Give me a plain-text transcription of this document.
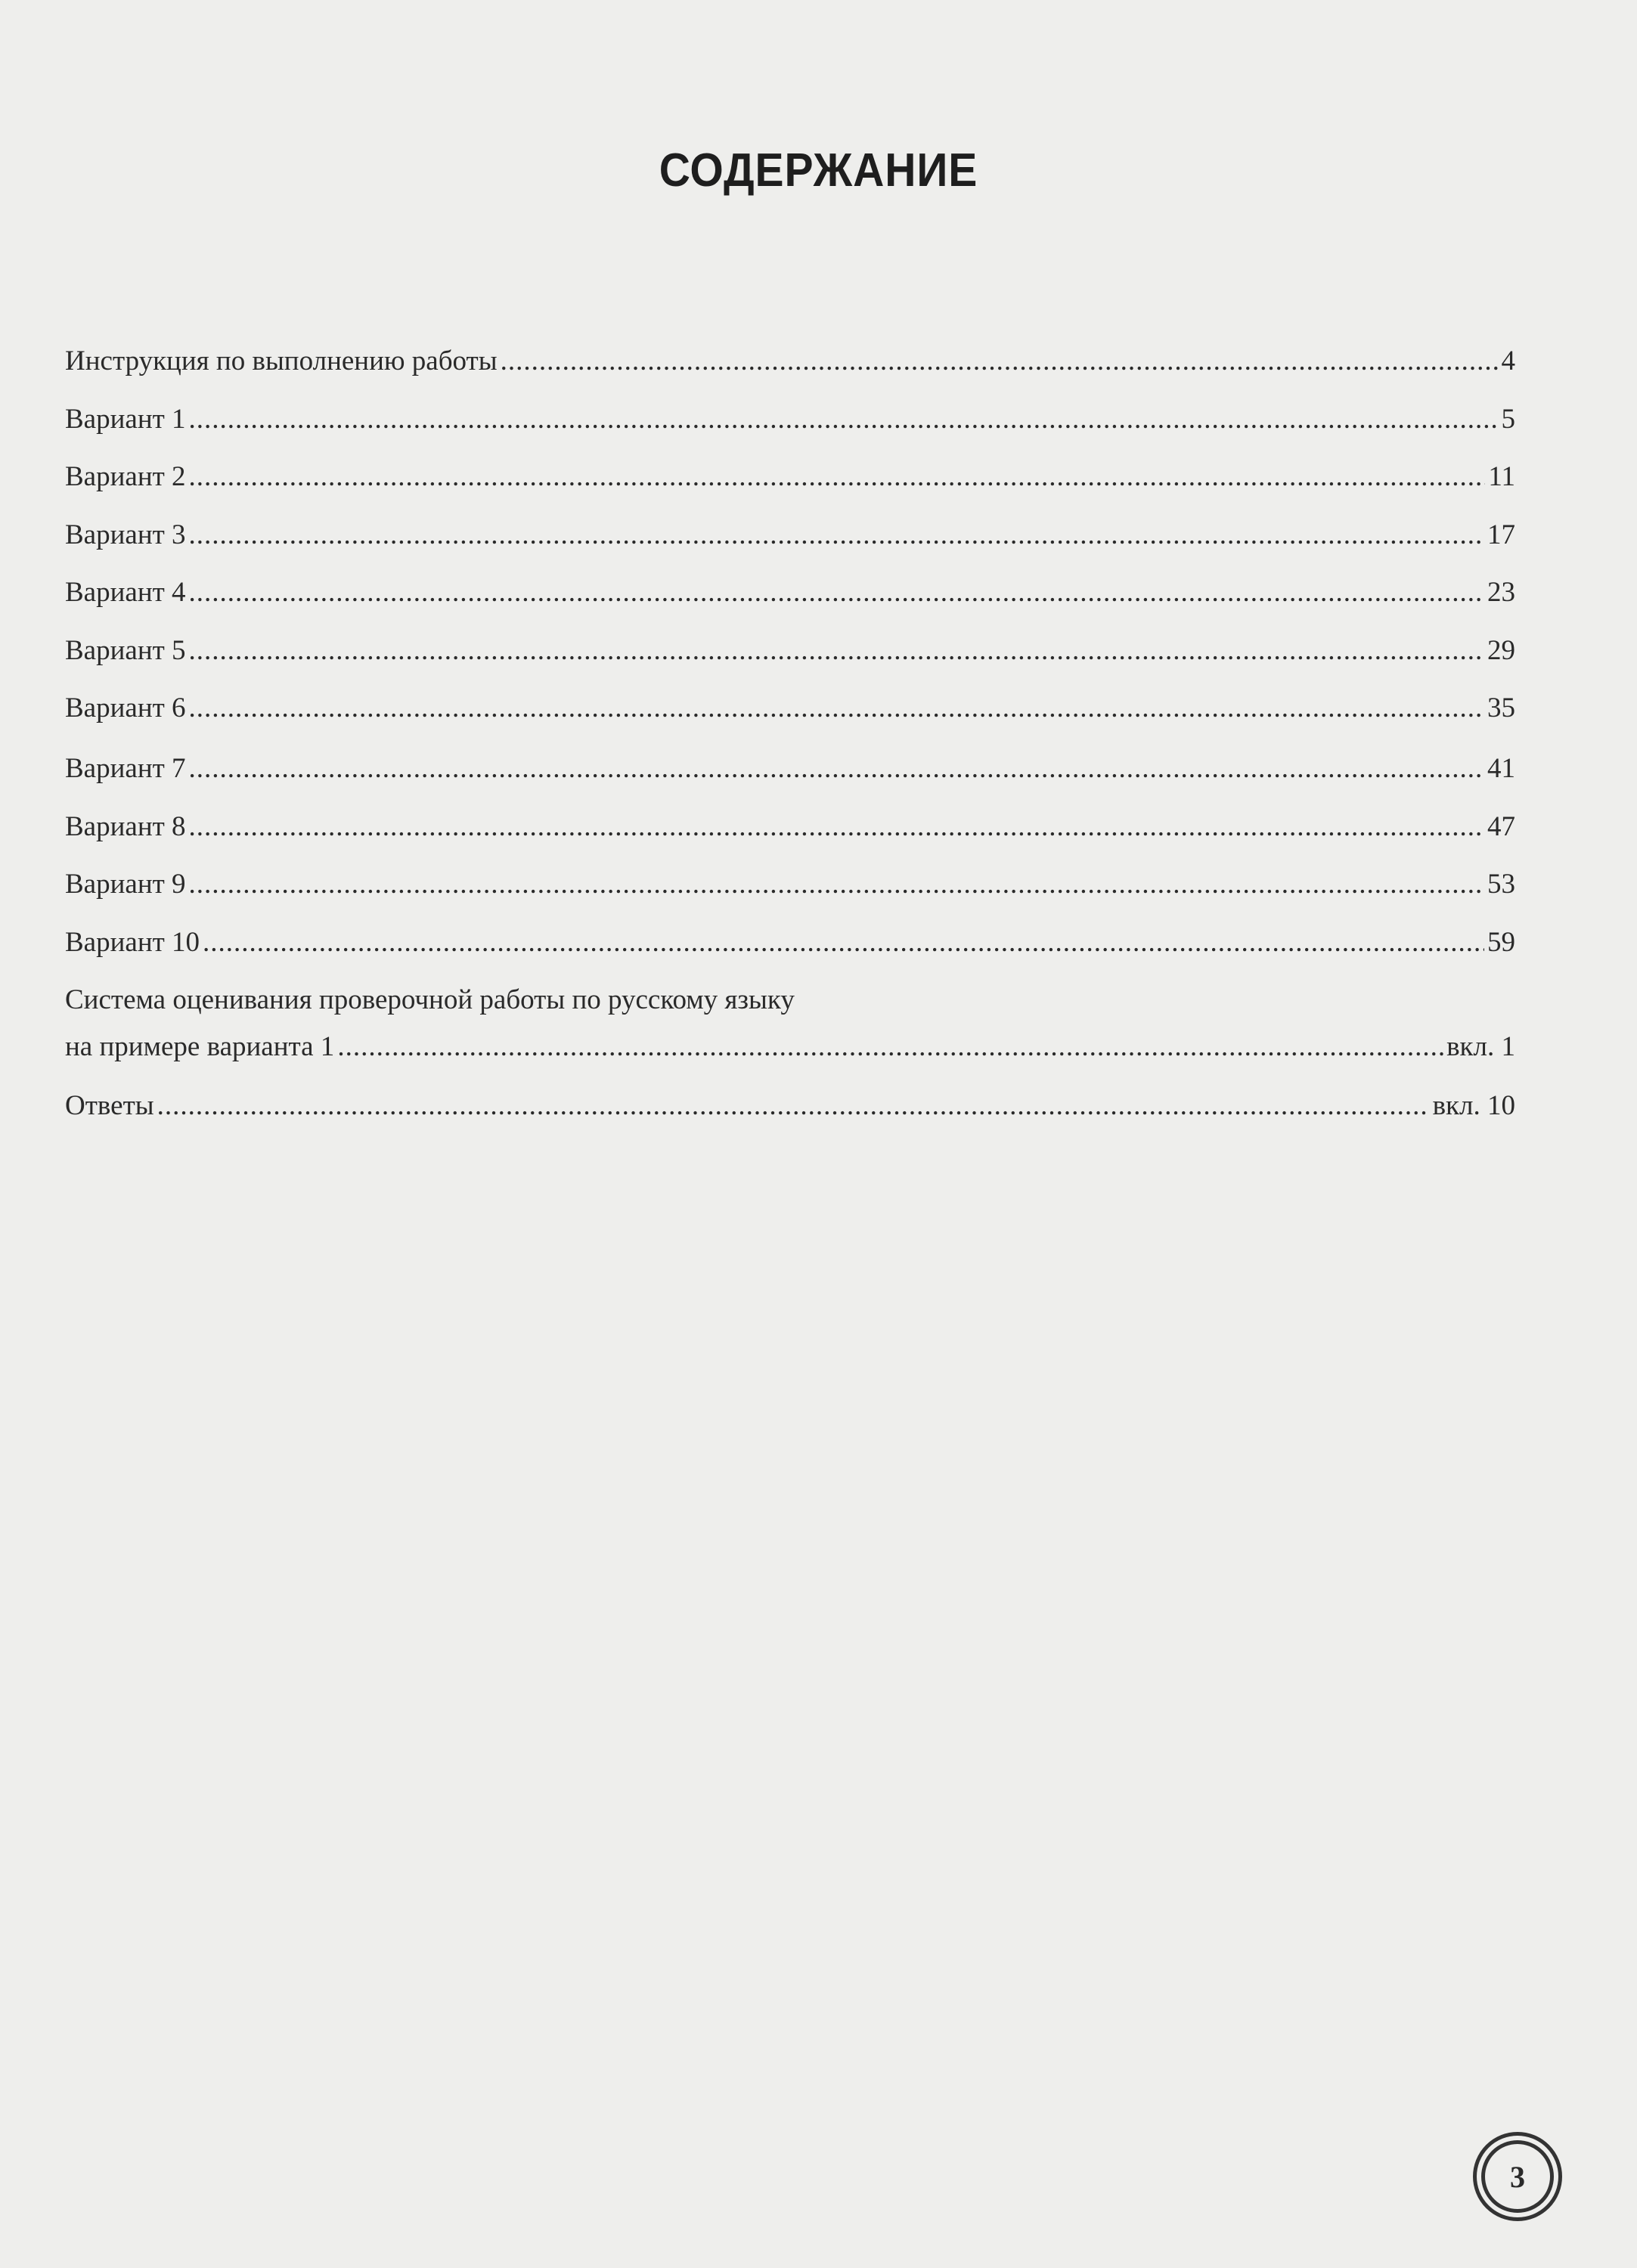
СОДЕРЖАНИЕ
Инструкция по выполнению работы .....	4
Вариант 1 .....	5
Вариант 2 .....	11
Вариант 3 .....	17
Вариант 4 .....	23
Вариант 5 .....	29
Вариант 6 .....	35
Вариант 7 .....	41
Вариант 8 .....	47
Вариант 9 .....	53
Вариант 10 .....	59
Система оценивания проверочной работы по русскому языку
на примере варианта 1 .....	вкл. 1
Ответы .....	вкл. 10
3
